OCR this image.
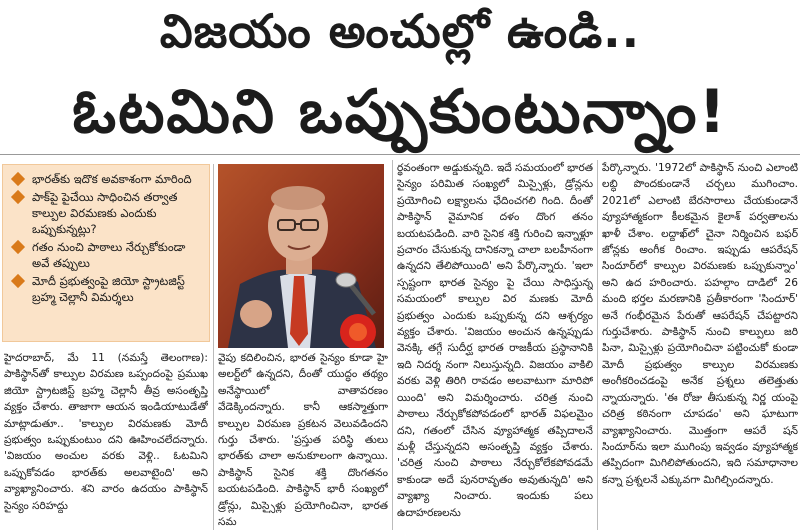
విజయం అంచుల్లో ఉండి..
ఓటమిని ఒప్పుకుంటున్నాం!
భారత్‌కు ఇదొక అవకాశంగా మారింది
పాక్‌పై పైచేయి సాధించిన తర్వాత కాల్పుల విరమణకు ఎందుకు ఒప్పుకున్నట్లు?
గతం నుంచి పాఠాలు నేర్చుకోకుండా అవే తప్పులు
మోదీ ప్రభుత్వంపై జియో స్ట్రాటజిస్ట్ బ్రహ్మ చెల్లానీ విమర్శలు
హైదరాబాద్, మే 11 (నమస్తే తెలంగాణ): పాకిస్థాన్‌తో కాల్పుల విరమణ ఒప్పందంపై ప్రముఖ జియో స్ట్రాటజిస్ట్ బ్రహ్మ చెల్లానీ తీవ్ర అసంతృప్తి వ్యక్తం చేశారు. తాజాగా ఆయన ఇండియాటుడేతో మాట్లాడుతూ.. 'కాల్పుల విరమణకు మోదీ ప్రభుత్వం ఒప్పుకుంటుం దని ఊహించలేదన్నారు. 'విజయం అంచుల వరకు వెళ్లి.. ఓటమిని ఒప్పుకోవడం భారత్‌కు అలవాటైంది' అని వ్యాఖ్యానించారు. శని వారం ఉదయం పాకిస్థాన్ సైన్యం సరిహద్దు
వైపు కదిలించిన, భారత సైన్యం కూడా హై అలర్ట్‌లో ఉన్నదని, దీంతో యుద్ధం తథ్యం అనేస్థాయిలో వాతావరణం వేడెక్కిందన్నారు. కానీ ఆకస్మాత్తుగా కాల్పుల విరమణ ప్రకటన వెలువడిందని గుర్తు చేశారు. 'ప్రస్తుత పరిస్థి తులు భారత్‌కు చాలా అనుకూలంగా ఉన్నాయి. పాకిస్థాన్ సైనిక శక్తి దొంగతనం బయటపడింది. పాకిస్థాన్ భారీ సంఖ్యలో డ్రోన్లు, మిస్సైళ్లు ప్రయోగించినా, భారత సమ
ర్థవంతంగా అడ్డుకున్నది. ఇదే సమయంలో భారత సైన్యం పరిమిత సంఖ్యలో మిస్సైళ్లు, డ్రోన్లను ప్రయోగించి లక్ష్యాలను ఛేదించగలి గింది. దీంతో పాకిస్థాన్ వైమానిక దళం దొంగ తనం బయటపడింది. వారి సైనిక శక్తి గురించి ఇన్నాళ్లూ ప్రచారం చేసుకున్న దానికన్నా చాలా బలహీనంగా ఉన్నదని తేలిపోయింది' అని పేర్కొన్నారు. 'ఇలా స్పష్టంగా భారత సైన్యం పై చేయి సాధిస్తున్న సమయంలో కాల్పుల విర మణకు మోదీ ప్రభుత్వం ఎందుకు ఒప్పుకున్న దని ఆశ్చర్యం వ్యక్తం చేశారు. 'విజయం అంచున ఉన్నప్పుడు వెనక్కి తగ్గే సుదీర్ఘ భారత రాజకీయ ప్రస్థానానికి ఇది నిదర్శ నంగా నిలుస్తున్నది. విజయం వాకిలి వరకు వెళ్లి తిరిగి రావడం అలవాటుగా మారిపో యింది' అని విమర్శించారు. చరిత్ర నుంచి పాఠాలు నేర్చుకోకపోవడంలో భారత్ విఫలమైం దని, గతంలో చేసిన వ్యూహాత్మక తప్పిదాలనే మళ్లీ చేస్తున్నదని అసంతృప్తి వ్యక్తం చేశారు. 'చరిత్ర నుంచి పాఠాలు నేర్చుకోలేకపోవడమే కాకుండా అదే పునరావృతం అవుతున్నది' అని వ్యాఖ్యా నించారు. ఇందుకు పలు ఉదాహరణలను
పేర్కొన్నారు. '1972లో పాకిస్థాన్ నుంచి ఎలాంటి లబ్ధి పొందకుండానే చర్చలు ముగించాం. 2021లో ఎలాంటి బేరసారాలు చేయకుండానే వ్యూహాత్మకంగా కీలకమైన కైలాశ్ పర్వతాలను ఖాళీ చేశాం. లద్దాఖ్‌లో చైనా నిర్మించిన బఫర్ జోన్లకు అంగీక రించాం. ఇప్పుడు ఆపరేషన్ సిందూర్‌లో కాల్పుల విరమణకు ఒప్పుకున్నాం' అని ఉద హరించారు. పహల్గాం దాడిలో 26 మంది భర్తల మరణానికి ప్రతీకారంగా 'సిందూర్' అనే గంభీరమైన పేరుతో ఆపరేషన్ చేపట్టారని గుర్తుచేశారు. పాకిస్థాన్ నుంచి కాల్పులు జరి పినా, మిస్సైళ్లు ప్రయోగించినా పట్టించుకో కుండా మోదీ ప్రభుత్వం కాల్పుల విరమణకు అంగీకరించడంపై అనేక ప్రశ్నలు తలెత్తుతు న్నాయన్నారు. 'ఈ రోజు తీసుకున్న నిర్ణ యంపై చరిత్ర కఠినంగా చూపడం' అని ఘాటుగా వ్యాఖ్యానించారు. మొత్తంగా ఆపరే షన్ సిందూర్‌ను ఇలా ముగింపు ఇవ్వడం వ్యూహాత్మక తప్పిదంగా మిగిలిపోతుందని, ఇది సమాధానాల కన్నా ప్రశ్నలనే ఎక్కువగా మిగిల్చిందన్నారు.
